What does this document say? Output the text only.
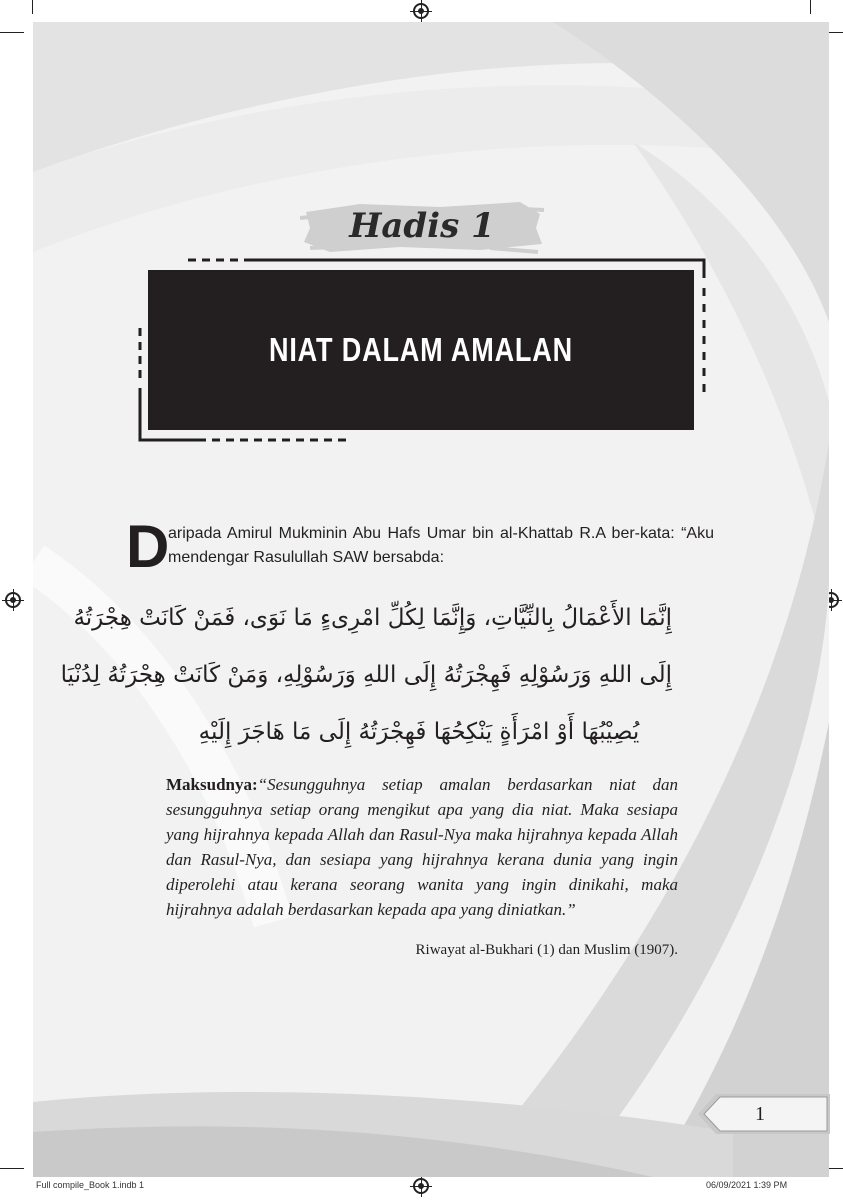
Hadis 1
NIAT DALAM AMALAN
D
aripada Amirul Mukminin Abu Hafs Umar bin al-Khattab R.A ber-kata: “Aku mendengar Rasulullah SAW bersabda:
إِنَّمَا الأَعْمَالُ بِالنِّيَّاتِ، وَإِنَّمَا لِكُلِّ امْرِىءٍ مَا نَوَى، فَمَنْ كَانَتْ هِجْرَتُهُ
إِلَى اللهِ وَرَسُوْلِهِ فَهِجْرَتُهُ إِلَى اللهِ وَرَسُوْلِهِ، وَمَنْ كَانَتْ هِجْرَتُهُ لِدُنْيَا
يُصِيْبُهَا أَوْ امْرَأَةٍ يَنْكِحُهَا فَهِجْرَتُهُ إِلَى مَا هَاجَرَ إِلَيْهِ
Maksudnya:“Sesungguhnya setiap amalan berdasarkan niat dan sesungguhnya setiap orang mengikut apa yang dia niat. Maka sesiapa yang hijrahnya kepada Allah dan Rasul-Nya maka hijrahnya kepada Allah dan Rasul-Nya, dan sesiapa yang hijrahnya kerana dunia yang ingin diperolehi atau kerana seorang wanita yang ingin dinikahi, maka hijrahnya adalah berdasarkan kepada apa yang diniatkan.”
Riwayat al-Bukhari (1) dan Muslim (1907).
1
Full compile_Book 1.indb 1	06/09/2021 1:39 PM
